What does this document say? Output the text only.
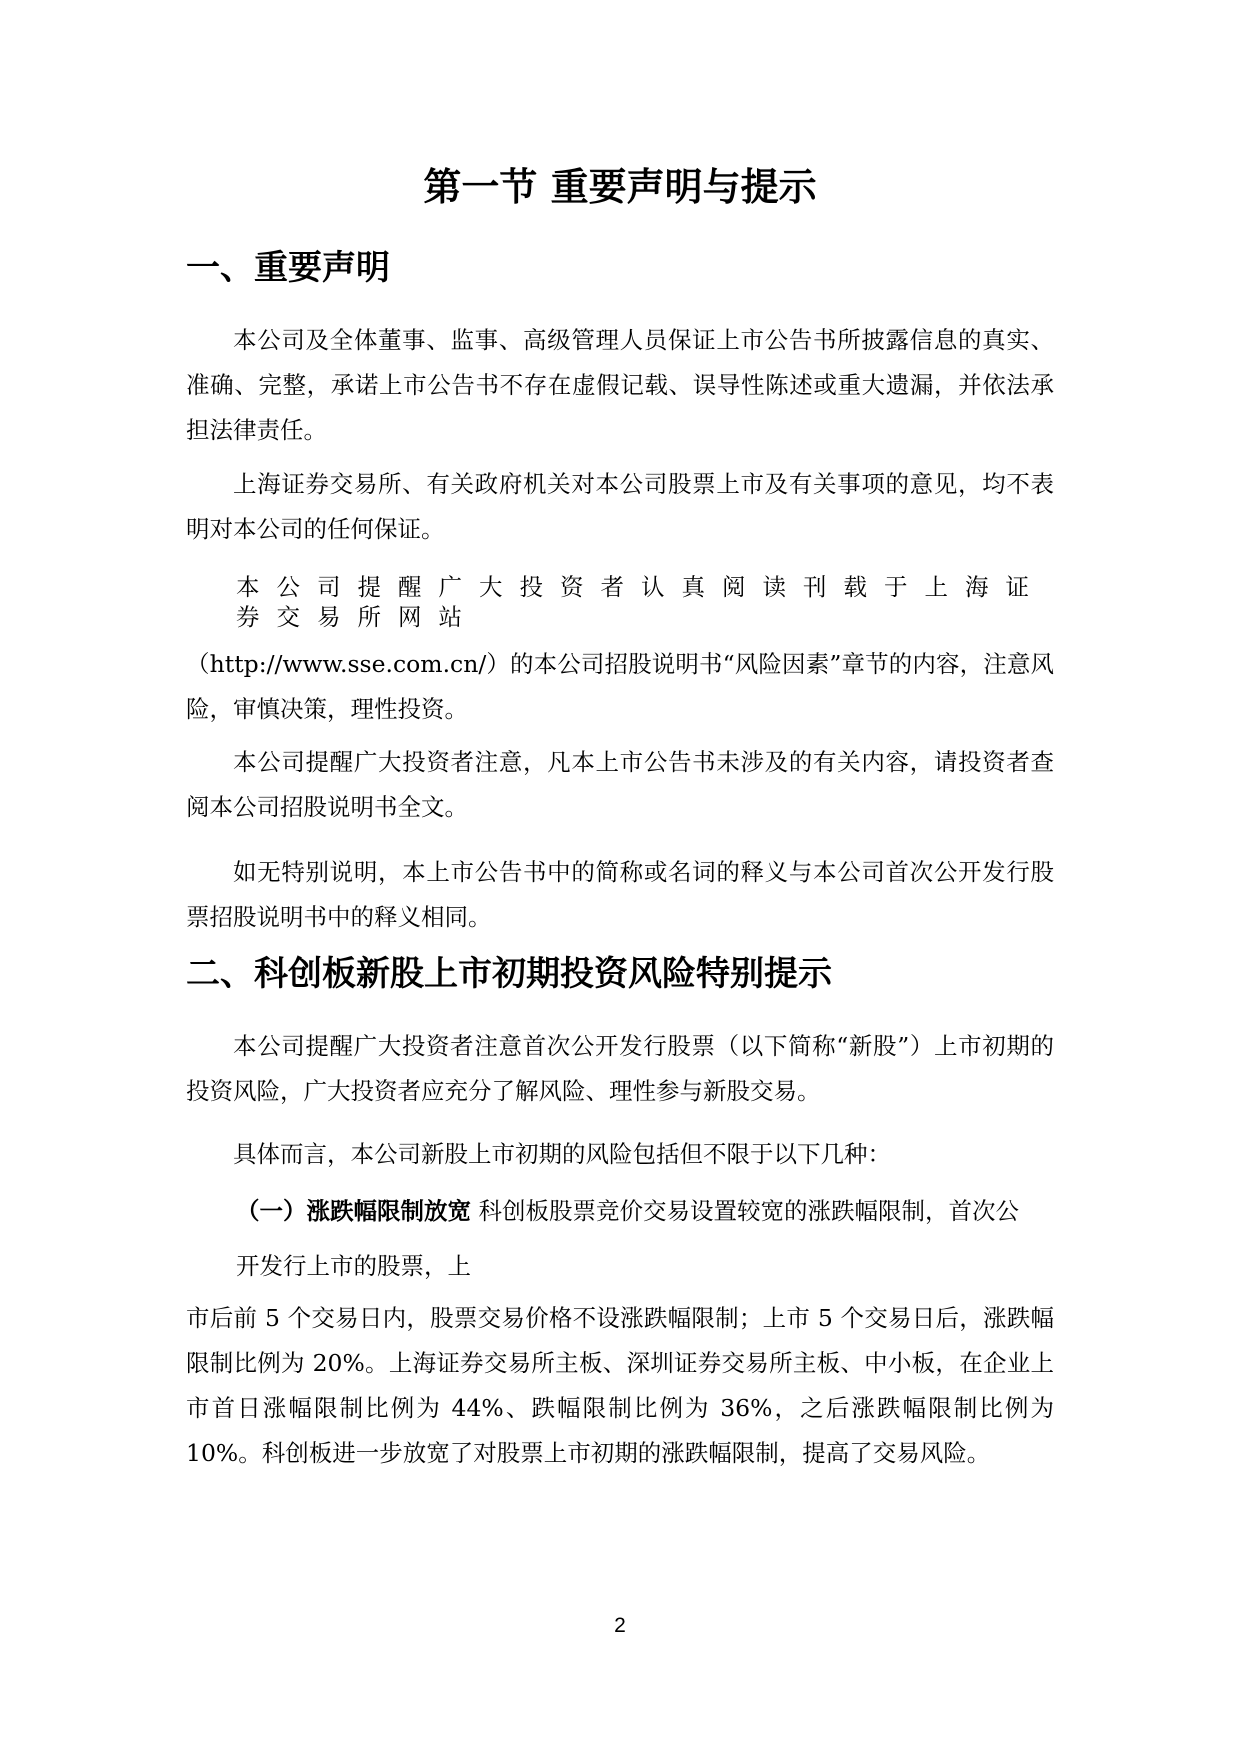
第一节 重要声明与提示
一、重要声明

本公司及全体董事、监事、高级管理人员保证上市公告书所披露信息的真实、准确、完整，承诺上市公告书不存在虚假记载、误导性陈述或重大遗漏，并依法承担法律责任。

上海证券交易所、有关政府机关对本公司股票上市及有关事项的意见，均不表明对本公司的任何保证。

本公司提醒广大投资者认真阅读刊载于上海证券交易所网站

（http://www.sse.com.cn/）的本公司招股说明书“风险因素”章节的内容，注意风险，审慎决策，理性投资。

本公司提醒广大投资者注意，凡本上市公告书未涉及的有关内容，请投资者查阅本公司招股说明书全文。

如无特别说明，本上市公告书中的简称或名词的释义与本公司首次公开发行股票招股说明书中的释义相同。

二、科创板新股上市初期投资风险特别提示

本公司提醒广大投资者注意首次公开发行股票（以下简称“新股”）上市初期的投资风险，广大投资者应充分了解风险、理性参与新股交易。

具体而言，本公司新股上市初期的风险包括但不限于以下几种：

（一）涨跌幅限制放宽 科创板股票竞价交易设置较宽的涨跌幅限制，首次公

开发行上市的股票，上

市后前 5 个交易日内，股票交易价格不设涨跌幅限制；上市 5 个交易日后，涨跌幅限制比例为 20%。上海证券交易所主板、深圳证券交易所主板、中小板，在企业上市首日涨幅限制比例为 44%、跌幅限制比例为 36%，之后涨跌幅限制比例为 10%。科创板进一步放宽了对股票上市初期的涨跌幅限制，提高了交易风险。

2
